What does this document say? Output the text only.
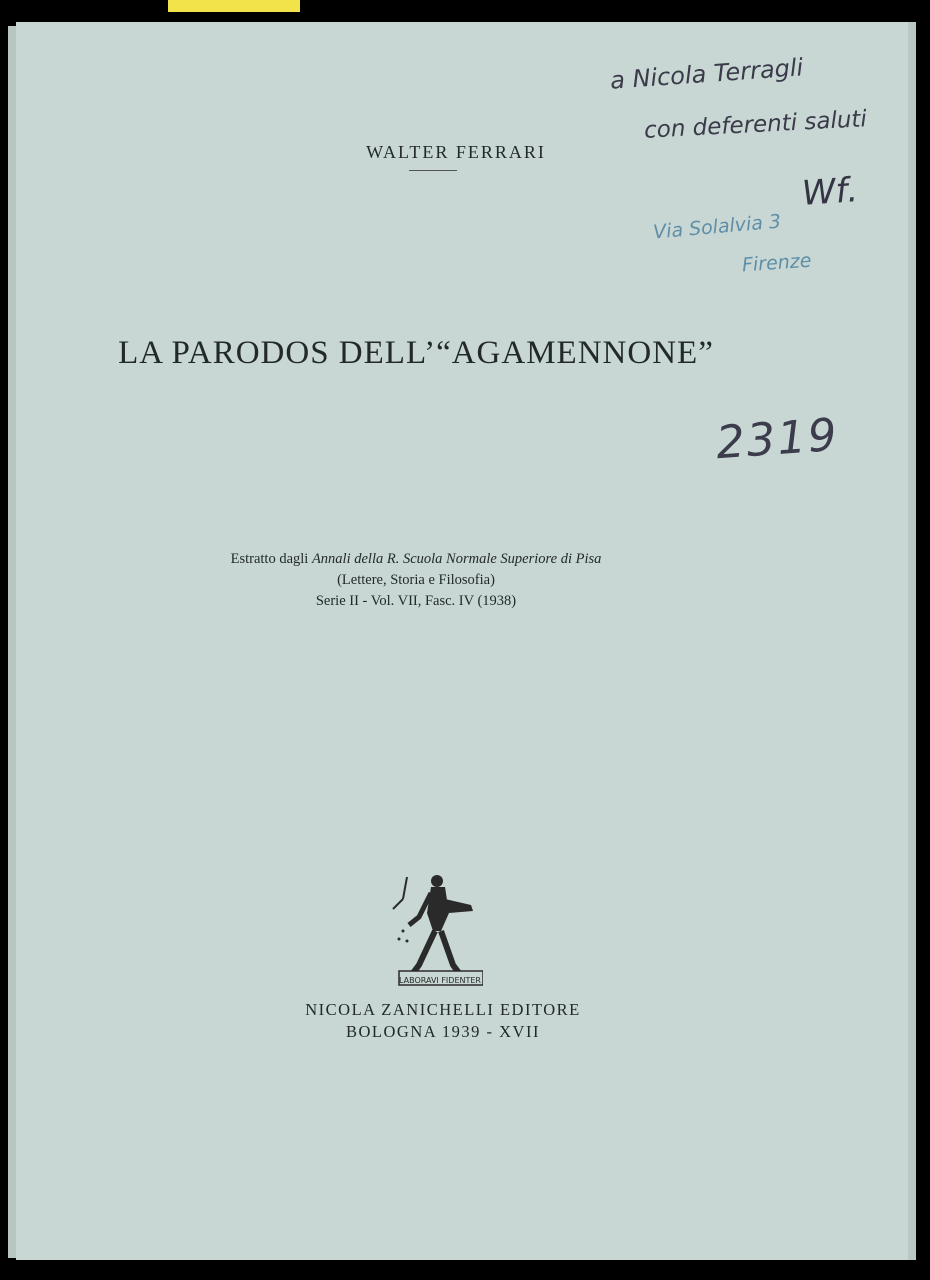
WALTER FERRARI
LA PARODOS DELL’“AGAMENNONE”
Estratto dagli Annali della R. Scuola Normale Superiore di Pisa
(Lettere, Storia e Filosofia)
Serie II - Vol. VII, Fasc. IV (1938)
LABORAVI FIDENTER
NICOLA ZANICHELLI EDITORE
BOLOGNA 1939 - XVII
a Nicola Terragli
con deferenti saluti
Wf.
Via Solalvia 3
Firenze
2319
